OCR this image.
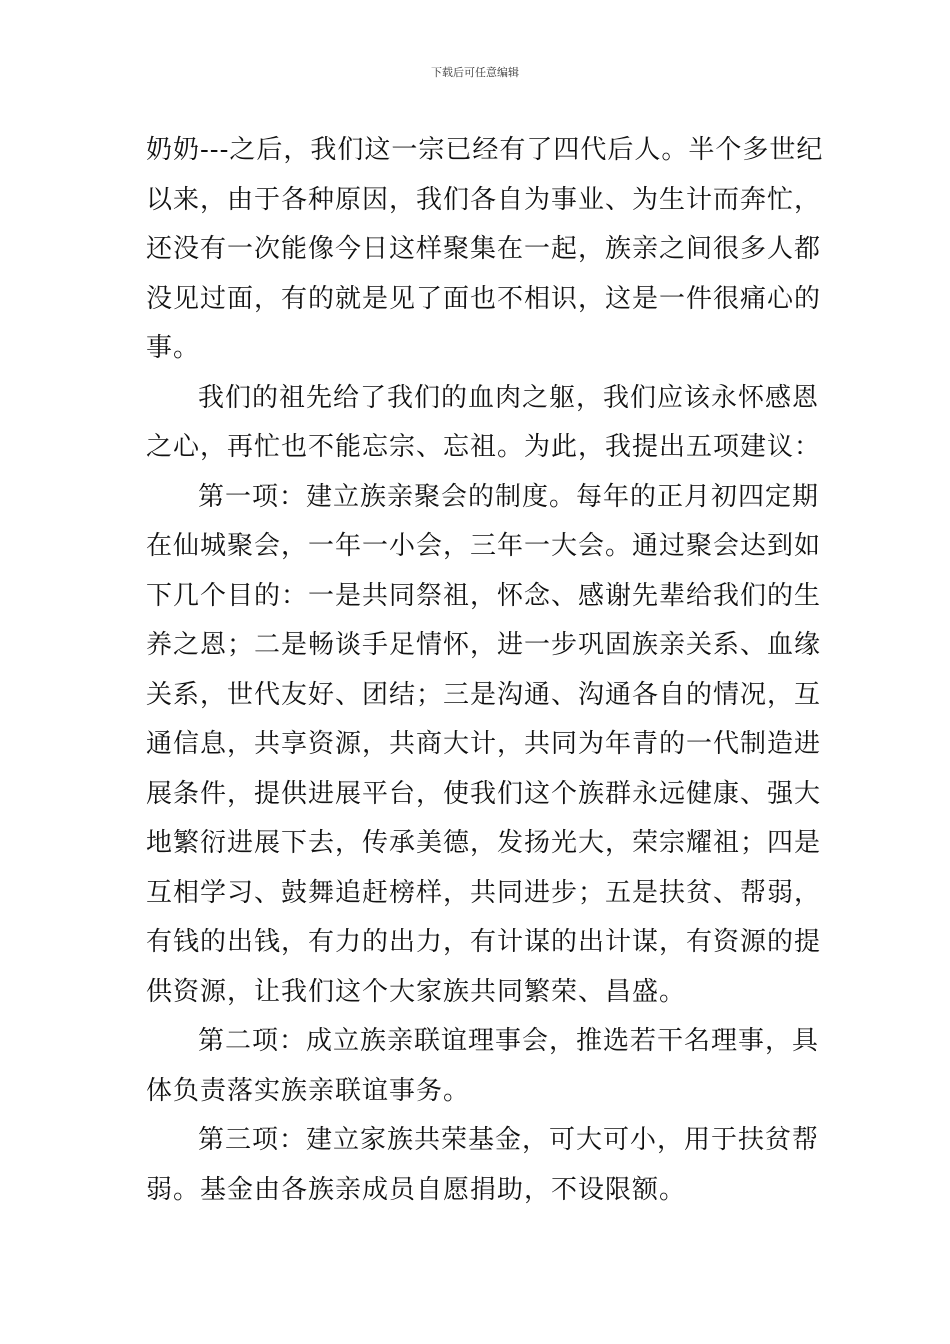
下载后可任意编辑
奶奶---之后，我们这一宗已经有了四代后人。半个多世纪
以来，由于各种原因，我们各自为事业、为生计而奔忙，
还没有一次能像今日这样聚集在一起，族亲之间很多人都
没见过面，有的就是见了面也不相识，这是一件很痛心的
事。
我们的祖先给了我们的血肉之躯，我们应该永怀感恩
之心，再忙也不能忘宗、忘祖。为此，我提出五项建议：
第一项：建立族亲聚会的制度。每年的正月初四定期
在仙城聚会，一年一小会，三年一大会。通过聚会达到如
下几个目的：一是共同祭祖，怀念、感谢先辈给我们的生
养之恩；二是畅谈手足情怀，进一步巩固族亲关系、血缘
关系，世代友好、团结；三是沟通、沟通各自的情况，互
通信息，共享资源，共商大计，共同为年青的一代制造进
展条件，提供进展平台，使我们这个族群永远健康、强大
地繁衍进展下去，传承美德，发扬光大，荣宗耀祖；四是
互相学习、鼓舞追赶榜样，共同进步；五是扶贫、帮弱，
有钱的出钱，有力的出力，有计谋的出计谋，有资源的提
供资源，让我们这个大家族共同繁荣、昌盛。
第二项：成立族亲联谊理事会，推选若干名理事，具
体负责落实族亲联谊事务。
第三项：建立家族共荣基金，可大可小，用于扶贫帮
弱。基金由各族亲成员自愿捐助，不设限额。
